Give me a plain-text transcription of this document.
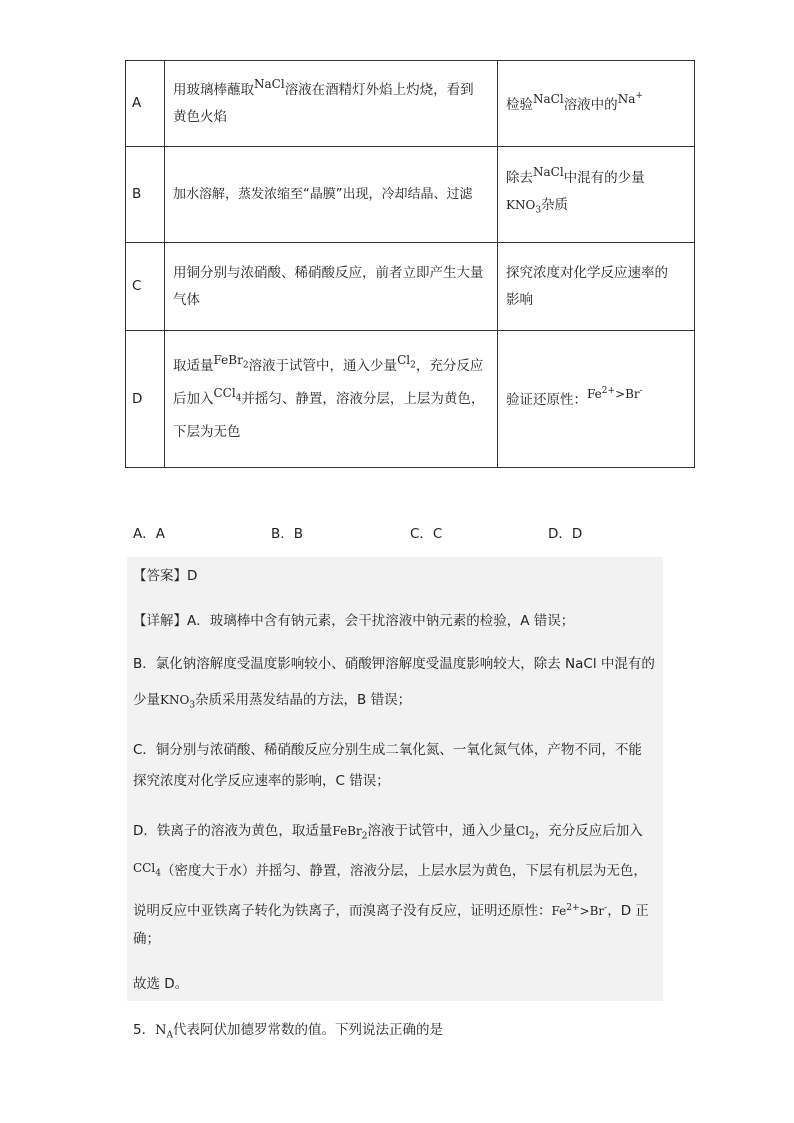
A	用玻璃棒蘸取NaCl溶液在酒精灯外焰上灼烧，看到
黄色火焰	检验NaCl溶液中的Na+
B	加水溶解，蒸发浓缩至“晶膜”出现，冷却结晶、过滤	除去NaCl中混有的少量
$KNO_3$杂质
C	用铜分别与浓硝酸、稀硝酸反应，前者立即产生大量
气体	探究浓度对化学反应速率的
影响
D	取适量FeBr$_2$溶液于试管中，通入少量$Cl_2$，充分反应
后加入CCl$_4$并摇匀、静置，溶液分层，上层为黄色，
下层为无色	验证还原性：$Fe^{2+}>Br^-$
A．A	B．B	C．C	D．D
【答案】D
【详解】A．玻璃棒中含有钠元素，会干扰溶液中钠元素的检验，A 错误；
B．氯化钠溶解度受温度影响较小、硝酸钾溶解度受温度影响较大，除去 NaCl 中混有的
少量$KNO_3$杂质采用蒸发结晶的方法，B 错误；
C．铜分别与浓硝酸、稀硝酸反应分别生成二氧化氮、一氧化氮气体，产物不同，不能
探究浓度对化学反应速率的影响，C 错误；
D．铁离子的溶液为黄色，取适量FeBr$_2$溶液于试管中，通入少量$Cl_2$，充分反应后加入
CCl$_4$（密度大于水）并摇匀、静置，溶液分层，上层水层为黄色，下层有机层为无色，
说明反应中亚铁离子转化为铁离子，而溴离子没有反应，证明还原性：$Fe^{2+}>Br^-$，D 正
确；
故选 D。
5．$N_A$代表阿伏加德罗常数的值。下列说法正确的是
